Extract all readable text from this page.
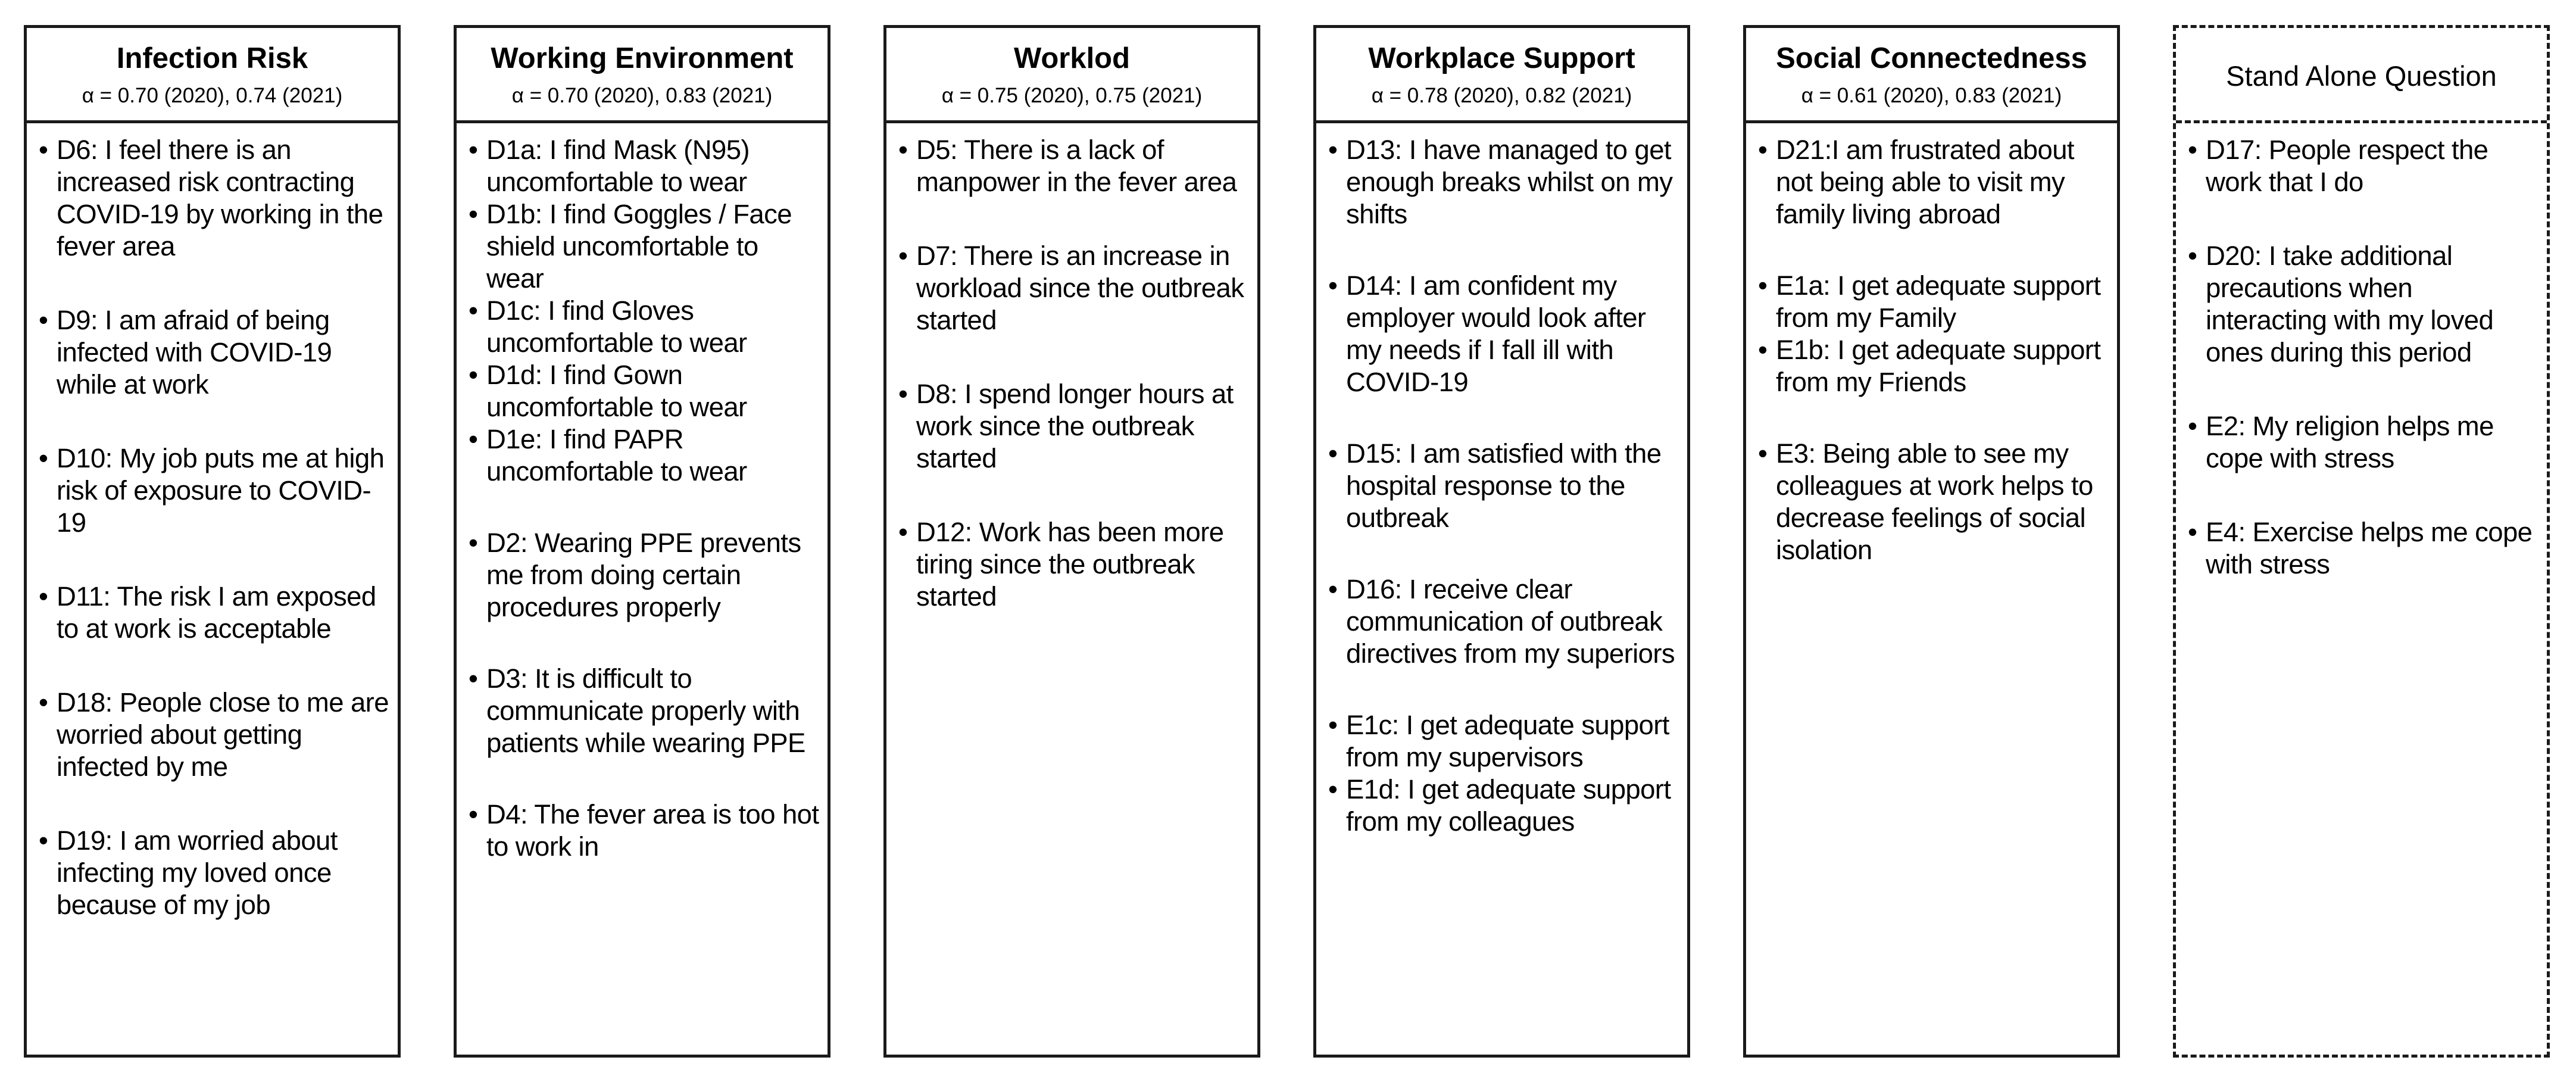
Infection Risk
α = 0.70 (2020), 0.74 (2021)
• D6: I feel there is an increased risk contracting COVID-19 by working in the fever area
• D9: I am afraid of being infected with COVID-19 while at work
• D10: My job puts me at high risk of exposure to COVID-19
• D11: The risk I am exposed to at work is acceptable
• D18: People close to me are worried about getting infected by me
• D19: I am worried about infecting my loved once because of my job
Working Environment
α = 0.70 (2020), 0.83 (2021)
• D1a: I find Mask (N95) uncomfortable to wear
• D1b: I find Goggles / Face shield uncomfortable to wear
• D1c: I find Gloves uncomfortable to wear
• D1d: I find Gown uncomfortable to wear
• D1e: I find PAPR uncomfortable to wear
• D2: Wearing PPE prevents me from doing certain procedures properly
• D3: It is difficult to communicate properly with patients while wearing PPE
• D4: The fever area is too hot to work in
Worklod
α = 0.75 (2020), 0.75 (2021)
• D5: There is a lack of manpower in the fever area
• D7: There is an increase in workload since the outbreak started
• D8: I spend longer hours at work since the outbreak started
• D12: Work has been more tiring since the outbreak started
Workplace Support
α = 0.78 (2020), 0.82 (2021)
• D13: I have managed to get enough breaks whilst on my shifts
• D14: I am confident my employer would look after my needs if I fall ill with COVID-19
• D15: I am satisfied with the hospital response to the outbreak
• D16: I receive clear communication of outbreak directives from my superiors
• E1c: I get adequate support from my supervisors
• E1d: I get adequate support from my colleagues
Social Connectedness
α = 0.61 (2020), 0.83 (2021)
• D21:I am frustrated about not being able to visit my family living abroad
• E1a: I get adequate support from my Family
• E1b: I get adequate support from my Friends
• E3: Being able to see my colleagues at work helps to decrease feelings of social isolation
Stand Alone Question
• D17: People respect the work that I do
• D20: I take additional precautions when interacting with my loved ones during this period
• E2: My religion helps me cope with stress
• E4: Exercise helps me cope with stress
